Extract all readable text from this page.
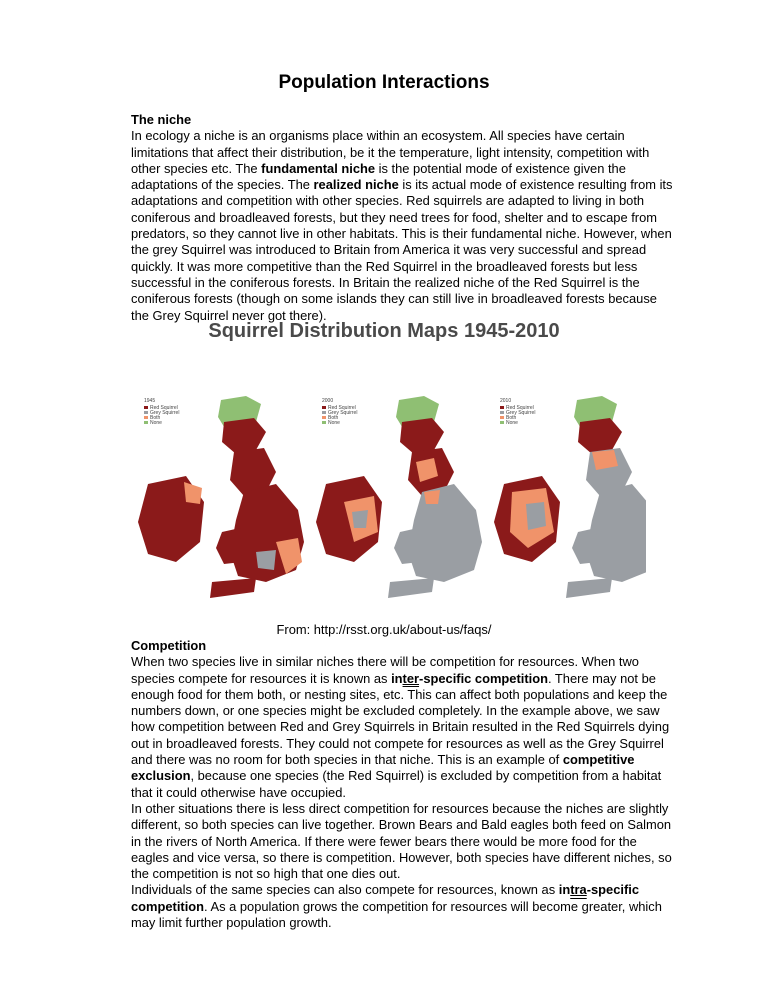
Population Interactions

The niche

In ecology a niche is an organisms place within an ecosystem. All species have certain limitations that affect their distribution, be it the temperature, light intensity, competition with other species etc. The fundamental niche is the potential mode of existence given the adaptations of the species. The realized niche is its actual mode of existence resulting from its adaptations and competition with other species. Red squirrels are adapted to living in both coniferous and broadleaved forests, but they need trees for food, shelter and to escape from predators, so they cannot live in other habitats. This is their fundamental niche. However, when the grey Squirrel was introduced to Britain from America it was very successful and spread quickly. It was more competitive than the Red Squirrel in the broadleaved forests but less successful in the coniferous forests. In Britain the realized niche of the Red Squirrel is the coniferous forests (though on some islands they can still live in broadleaved forests because the Grey Squirrel never got there).

Squirrel Distribution Maps 1945-2010
1945
Red Squirrel
Grey Squirrel
Both
None
2000
Red Squirrel
Grey Squirrel
Both
None
2010
Red Squirrel
Grey Squirrel
Both
None
From: http://rsst.org.uk/about-us/faqs/

Competition

When two species live in similar niches there will be competition for resources. When two species compete for resources it is known as inter-specific competition. There may not be enough food for them both, or nesting sites, etc. This can affect both populations and keep the numbers down, or one species might be excluded completely. In the example above, we saw how competition between Red and Grey Squirrels in Britain resulted in the Red Squirrels dying out in broadleaved forests. They could not compete for resources as well as the Grey Squirrel and there was no room for both species in that niche. This is an example of competitive exclusion, because one species (the Red Squirrel) is excluded by competition from a habitat that it could otherwise have occupied.

In other situations there is less direct competition for resources because the niches are slightly different, so both species can live together. Brown Bears and Bald eagles both feed on Salmon in the rivers of North America. If there were fewer bears there would be more food for the eagles and vice versa, so there is competition. However, both species have different niches, so the competition is not so high that one dies out.

Individuals of the same species can also compete for resources, known as intra-specific competition. As a population grows the competition for resources will become greater, which may limit further population growth.
